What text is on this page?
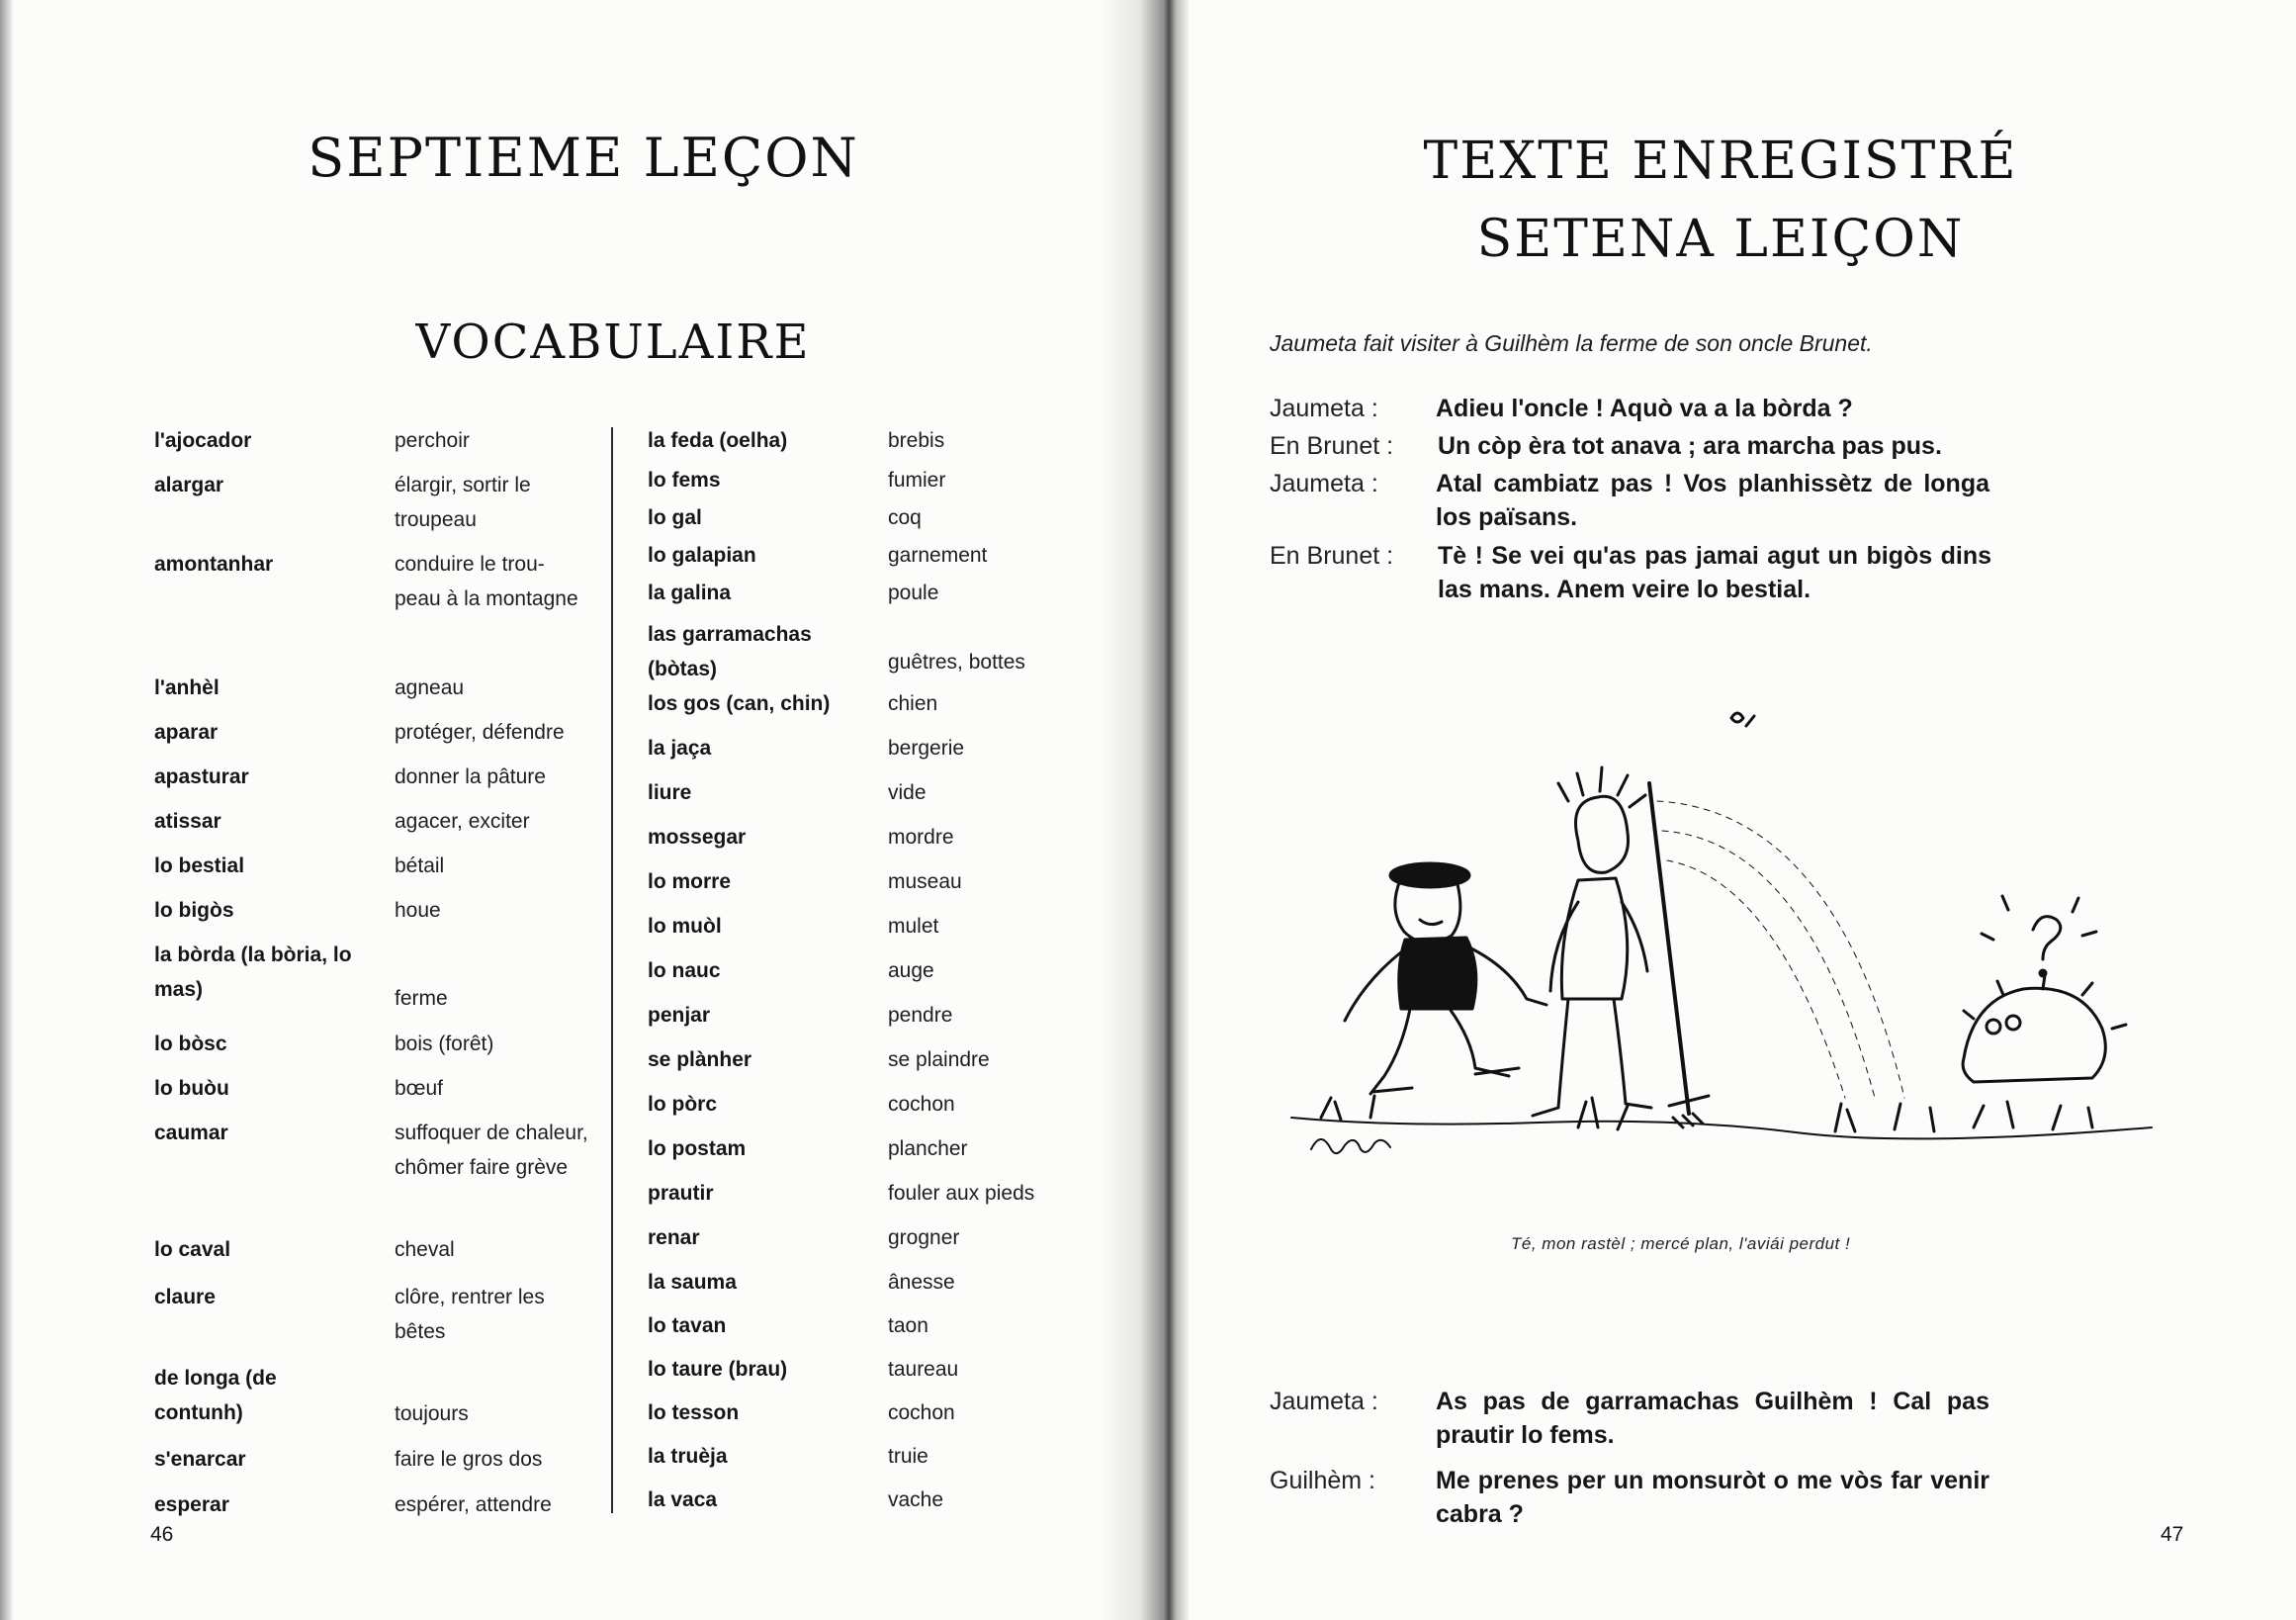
SEPTIEME LEÇON
VOCABULAIRE
l'ajocador	perchoir
alargar	élargir, sortir le troupeau
amontanhar	conduire le trou-peau à la montagne
l'anhèl	agneau
aparar	protéger, défendre
apasturar	donner la pâture
atissar	agacer, exciter
lo bestial	bétail
lo bigòs	houe
la bòrda (la bòria, lo mas)	ferme
lo bòsc	bois (forêt)
lo buòu	bœuf
caumar	suffoquer de chaleur, chômer faire grève
lo caval	cheval
claure	clôre, rentrer les bêtes
de longa (de contunh)	toujours
s'enarcar	faire le gros dos
esperar	espérer, attendre
la feda (oelha)	brebis
lo fems	fumier
lo gal	coq
lo galapian	garnement
la galina	poule
las garramachas (bòtas)	guêtres, bottes
los gos (can, chin)	chien
la jaça	bergerie
liure	vide
mossegar	mordre
lo morre	museau
lo muòl	mulet
lo nauc	auge
penjar	pendre
se plànher	se plaindre
lo pòrc	cochon
lo postam	plancher
prautir	fouler aux pieds
renar	grogner
la sauma	ânesse
lo tavan	taon
lo taure (brau)	taureau
lo tesson	cochon
la truèja	truie
la vaca	vache
46
TEXTE ENREGISTRÉ
SETENA LEIÇON
Jaumeta fait visiter à Guilhèm la ferme de son oncle Brunet.
Jaumeta :	Adieu l'oncle ! Aquò va a la bòrda ?
En Brunet :	Un còp èra tot anava ; ara marcha pas pus.
Jaumeta :	Atal cambiatz pas ! Vos planhissètz de longa los païsans.
En Brunet :	Tè ! Se vei qu'as pas jamai agut un bigòs dins las mans. Anem veire lo bestial.
Té, mon rastèl ; mercé plan, l'aviái perdut !
Jaumeta :	As pas de garramachas Guilhèm ! Cal pas prautir lo fems.
Guilhèm :	Me prenes per un monsuròt o me vòs far venir cabra ?
47
